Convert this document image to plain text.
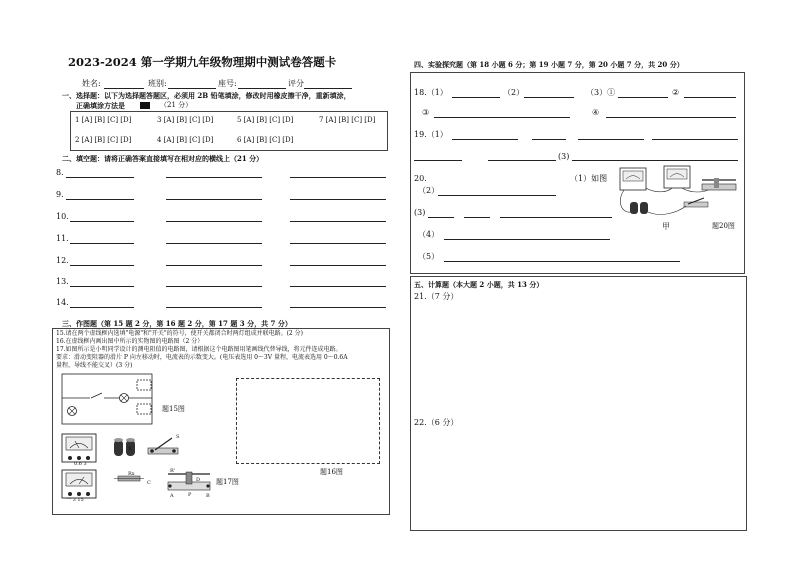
2023-2024 第一学期九年级物理期中测试卷答题卡
姓名:	班别:	座号:	评分
一、选择题：以下为选择题答题区，必须用 2B 铅笔填涂，修改时用橡皮擦干净，重新填涂，
正确填涂方法是	（21 分）
1 [A] [B] [C] [D]	3 [A] [B] [C] [D]	5 [A] [B] [C] [D]	7 [A] [B] [C] [D]
2 [A] [B] [C] [D]	4 [A] [B] [C] [D]	6 [A] [B] [C] [D]
二、填空题：请将正确答案直接填写在相对应的横线上（21 分）
8.
9.
10.
11.
12.
13.
14.
三、作图题（第 15 题 2 分，第 16 题 2 分，第 17 题 3 分，共 7 分）
15.请在两个虚线框内选填"电源"和"开关"的符号，使开关都闭合时两灯组成并联电路。(2 分)
16.在虚线框内画出图中所示的实物图的电路图（2 分）
17.如图所示是小明同学设计的测电阻值的电路图，请根据这个电路图用笔画线代替导线，将元件连成电路。
要求：滑动变阻器的滑片 P 向左移动时，电流表的示数变大。(电压表选用 0～3V 量程，电流表选用 0～0.6A
量程，导线不能交叉）(3 分)
题15图
0.6 3
一 3 15
Rx	R'
C	D
A	B
P
R
S
题17图
题16图
四、实验探究题（第 18 小题 6 分；第 19 小题 7 分，第 20 小题 7 分，共 20 分）
18.（1）	（2）	（3）①	②
③	④
19.（1）
(3)
20.	（1）如图
（2）
(3)
（4）
（5）
甲	题20图
五、计算题（本大题 2 小题，共 13 分）
21.（7 分）
22.（6 分）
